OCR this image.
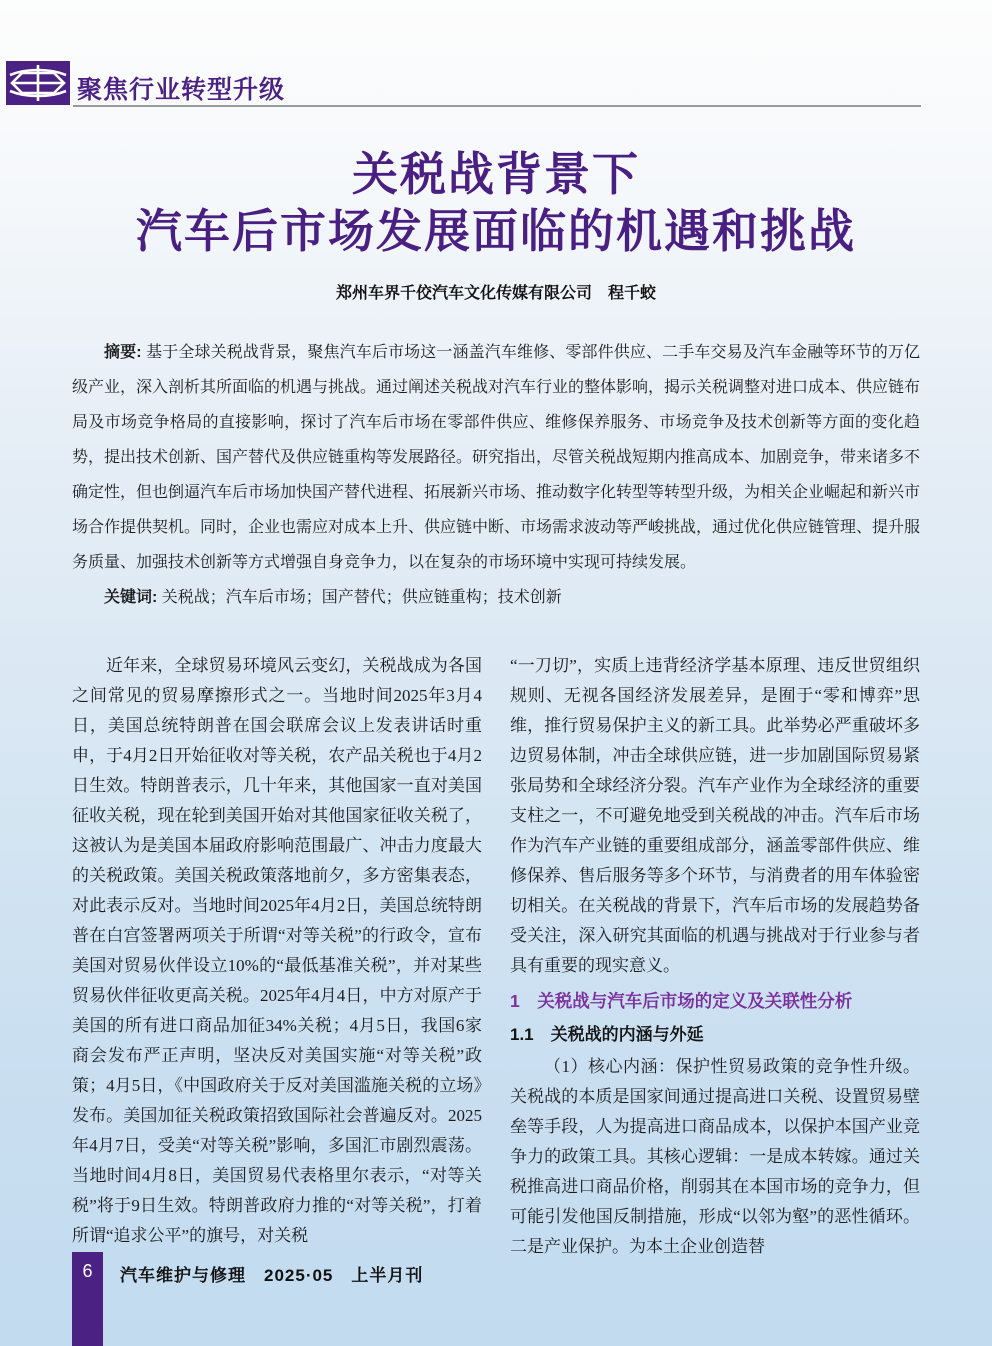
聚焦行业转型升级
关税战背景下
汽车后市场发展面临的机遇和挑战
郑州车界千佼汽车文化传媒有限公司　程千蛟

摘要: 基于全球关税战背景，聚焦汽车后市场这一涵盖汽车维修、零部件供应、二手车交易及汽车金融等环节的万亿级产业，深入剖析其所面临的机遇与挑战。通过阐述关税战对汽车行业的整体影响，揭示关税调整对进口成本、供应链布局及市场竞争格局的直接影响，探讨了汽车后市场在零部件供应、维修保养服务、市场竞争及技术创新等方面的变化趋势，提出技术创新、国产替代及供应链重构等发展路径。研究指出，尽管关税战短期内推高成本、加剧竞争，带来诸多不确定性，但也倒逼汽车后市场加快国产替代进程、拓展新兴市场、推动数字化转型等转型升级，为相关企业崛起和新兴市场合作提供契机。同时，企业也需应对成本上升、供应链中断、市场需求波动等严峻挑战，通过优化供应链管理、提升服务质量、加强技术创新等方式增强自身竞争力，以在复杂的市场环境中实现可持续发展。

关键词: 关税战；汽车后市场；国产替代；供应链重构；技术创新

近年来，全球贸易环境风云变幻，关税战成为各国之间常见的贸易摩擦形式之一。当地时间2025年3月4日，美国总统特朗普在国会联席会议上发表讲话时重申，于4月2日开始征收对等关税，农产品关税也于4月2日生效。特朗普表示，几十年来，其他国家一直对美国征收关税，现在轮到美国开始对其他国家征收关税了，这被认为是美国本届政府影响范围最广、冲击力度最大的关税政策。美国关税政策落地前夕，多方密集表态，对此表示反对。当地时间2025年4月2日，美国总统特朗普在白宫签署两项关于所谓“对等关税”的行政令，宣布美国对贸易伙伴设立10%的“最低基准关税”，并对某些贸易伙伴征收更高关税。2025年4月4日，中方对原产于美国的所有进口商品加征34%关税；4月5日，我国6家商会发布严正声明，坚决反对美国实施“对等关税”政策；4月5日，《中国政府关于反对美国滥施关税的立场》发布。美国加征关税政策招致国际社会普遍反对。2025年4月7日，受美“对等关税”影响，多国汇市剧烈震荡。当地时间4月8日，美国贸易代表格里尔表示，“对等关税”将于9日生效。特朗普政府力推的“对等关税”，打着所谓“追求公平”的旗号，对关税

“一刀切”，实质上违背经济学基本原理、违反世贸组织规则、无视各国经济发展差异，是囿于“零和博弈”思维，推行贸易保护主义的新工具。此举势必严重破坏多边贸易体制，冲击全球供应链，进一步加剧国际贸易紧张局势和全球经济分裂。汽车产业作为全球经济的重要支柱之一，不可避免地受到关税战的冲击。汽车后市场作为汽车产业链的重要组成部分，涵盖零部件供应、维修保养、售后服务等多个环节，与消费者的用车体验密切相关。在关税战的背景下，汽车后市场的发展趋势备受关注，深入研究其面临的机遇与挑战对于行业参与者具有重要的现实意义。

1　关税战与汽车后市场的定义及关联性分析
1.1　关税战的内涵与外延

（1）核心内涵：保护性贸易政策的竞争性升级。关税战的本质是国家间通过提高进口关税、设置贸易壁垒等手段，人为提高进口商品成本，以保护本国产业竞争力的政策工具。其核心逻辑：一是成本转嫁。通过关税推高进口商品价格，削弱其在本国市场的竞争力，但可能引发他国反制措施，形成“以邻为壑”的恶性循环。二是产业保护。为本土企业创造替

6	汽车维护与修理　2025·05　上半月刊
